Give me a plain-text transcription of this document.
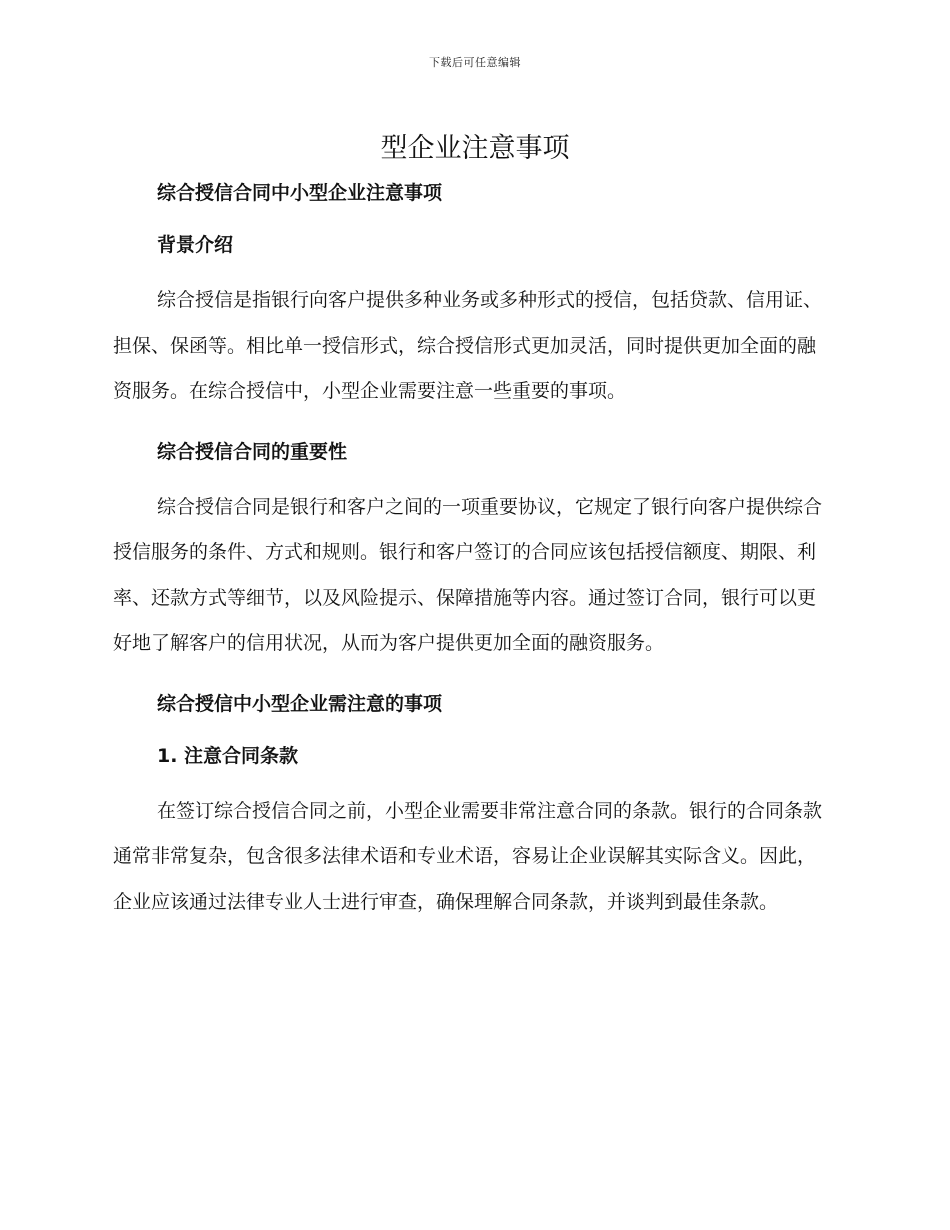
下载后可任意编辑
型企业注意事项
综合授信合同中小型企业注意事项
背景介绍

综合授信是指银行向客户提供多种业务或多种形式的授信，包括贷款、信用证、担保、保函等。相比单一授信形式，综合授信形式更加灵活，同时提供更加全面的融资服务。在综合授信中，小型企业需要注意一些重要的事项。

综合授信合同的重要性

综合授信合同是银行和客户之间的一项重要协议，它规定了银行向客户提供综合授信服务的条件、方式和规则。银行和客户签订的合同应该包括授信额度、期限、利率、还款方式等细节，以及风险提示、保障措施等内容。通过签订合同，银行可以更好地了解客户的信用状况，从而为客户提供更加全面的融资服务。

综合授信中小型企业需注意的事项
1. 注意合同条款

在签订综合授信合同之前，小型企业需要非常注意合同的条款。银行的合同条款通常非常复杂，包含很多法律术语和专业术语，容易让企业误解其实际含义。因此，企业应该通过法律专业人士进行审查，确保理解合同条款，并谈判到最佳条款。
